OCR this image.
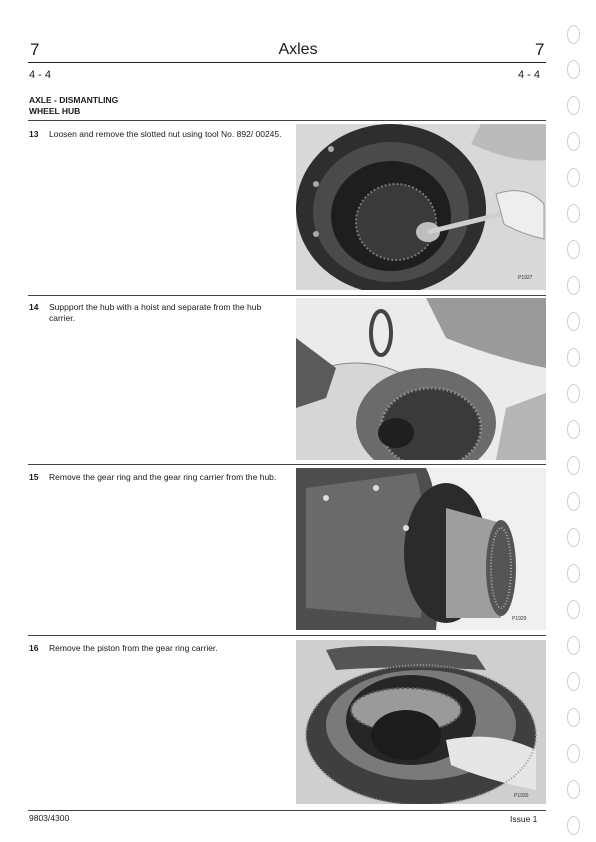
7	Axles	7
4 - 4	4 - 4
AXLE - DISMANTLING
WHEEL HUB
13 Loosen and remove the slotted nut using tool No. 892/ 00245.
P1927
14 Suppport the hub with a hoist and separate from the hub carrier.
15 Remove the gear ring and the gear ring carrier from the hub.
P1929
16 Remove the piston from the gear ring carrier.
P1930
9803/4300	Issue 1
